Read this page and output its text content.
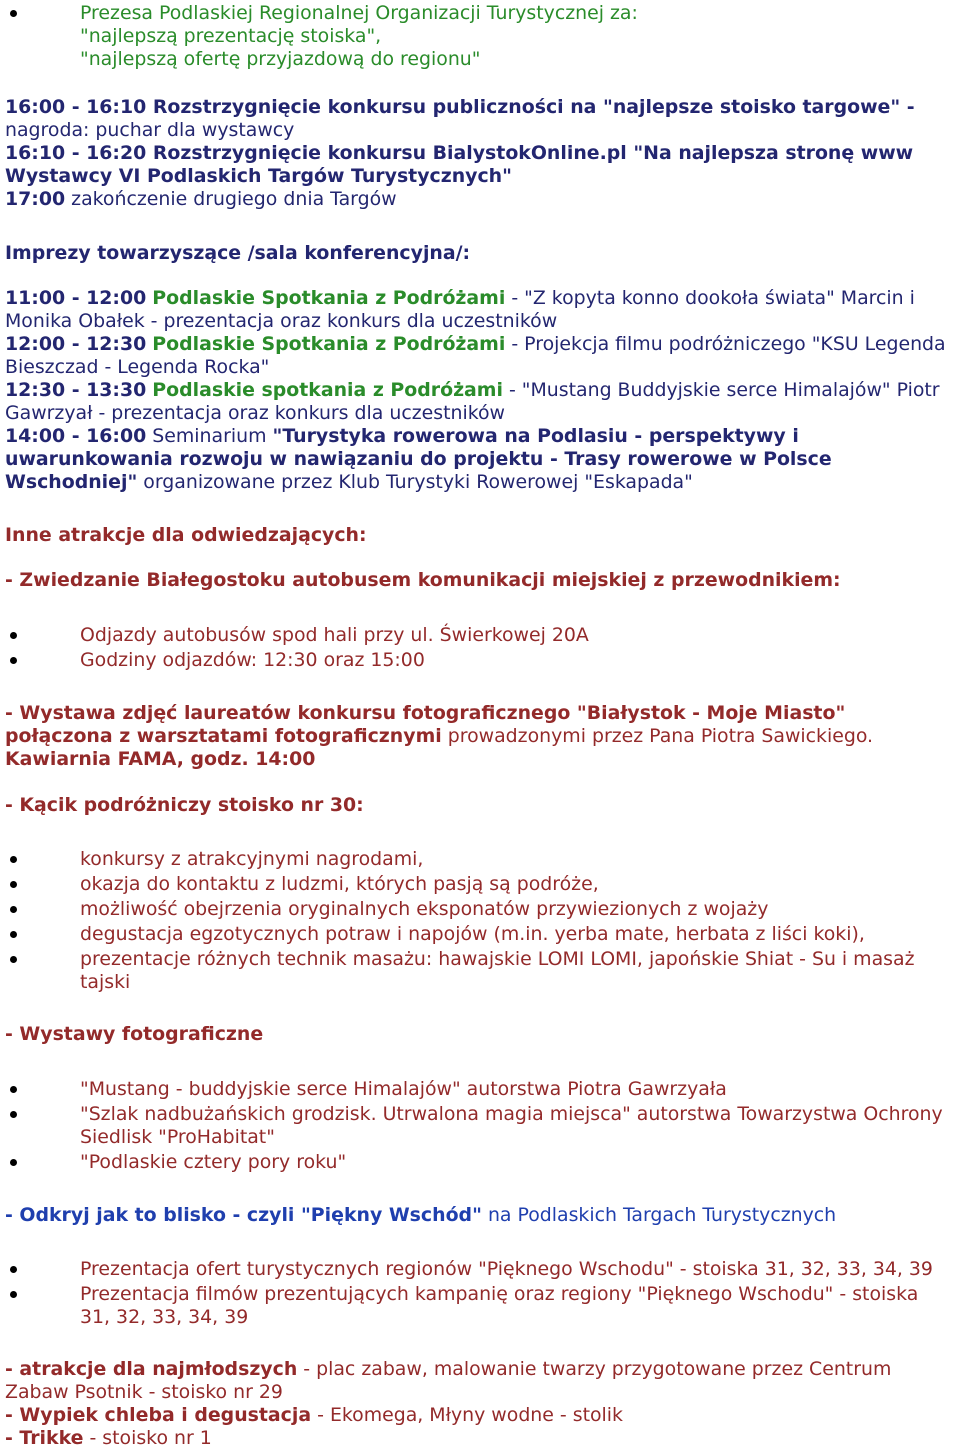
Prezesa Podlaskiej Regionalnej Organizacji Turystycznej za:
"najlepszą prezentację stoiska",
"najlepszą ofertę przyjazdową do regionu"
16:00 - 16:10 Rozstrzygnięcie konkursu publiczności na "najlepsze stoisko targowe" -
nagroda: puchar dla wystawcy
16:10 - 16:20 Rozstrzygnięcie konkursu BialystokOnline.pl "Na najlepsza stronę www
Wystawcy VI Podlaskich Targów Turystycznych"
17:00 zakończenie drugiego dnia Targów
Imprezy towarzyszące /sala konferencyjna/:
11:00 - 12:00 Podlaskie Spotkania z Podróżami - "Z kopyta konno dookoła świata" Marcin i
Monika Obałek - prezentacja oraz konkurs dla uczestników
12:00 - 12:30 Podlaskie Spotkania z Podróżami - Projekcja filmu podróżniczego "KSU Legenda
Bieszczad - Legenda Rocka"
12:30 - 13:30 Podlaskie spotkania z Podróżami - "Mustang Buddyjskie serce Himalajów" Piotr
Gawrzyał - prezentacja oraz konkurs dla uczestników
14:00 - 16:00 Seminarium "Turystyka rowerowa na Podlasiu - perspektywy i
uwarunkowania rozwoju w nawiązaniu do projektu - Trasy rowerowe w Polsce
Wschodniej" organizowane przez Klub Turystyki Rowerowej "Eskapada"
Inne atrakcje dla odwiedzających:
- Zwiedzanie Białegostoku autobusem komunikacji miejskiej z przewodnikiem:
Odjazdy autobusów spod hali przy ul. Świerkowej 20A
Godziny odjazdów: 12:30 oraz 15:00
- Wystawa zdjęć laureatów konkursu fotograficznego "Białystok - Moje Miasto"
połączona z warsztatami fotograficznymi prowadzonymi przez Pana Piotra Sawickiego.
Kawiarnia FAMA, godz. 14:00
- Kącik podróżniczy stoisko nr 30:
konkursy z atrakcyjnymi nagrodami,
okazja do kontaktu z ludzmi, których pasją są podróże,
możliwość obejrzenia oryginalnych eksponatów przywiezionych z wojaży
degustacja egzotycznych potraw i napojów (m.in. yerba mate, herbata z liści koki),
prezentacje różnych technik masażu: hawajskie LOMI LOMI, japońskie Shiat - Su i masaż
tajski
- Wystawy fotograficzne
"Mustang - buddyjskie serce Himalajów" autorstwa Piotra Gawrzyała
"Szlak nadbużańskich grodzisk. Utrwalona magia miejsca" autorstwa Towarzystwa Ochrony
Siedlisk "ProHabitat"
"Podlaskie cztery pory roku"
- Odkryj jak to blisko - czyli "Piękny Wschód" na Podlaskich Targach Turystycznych
Prezentacja ofert turystycznych regionów "Pięknego Wschodu" - stoiska 31, 32, 33, 34, 39
Prezentacja filmów prezentujących kampanię oraz regiony "Pięknego Wschodu" - stoiska
31, 32, 33, 34, 39
- atrakcje dla najmłodszych - plac zabaw, malowanie twarzy przygotowane przez Centrum
Zabaw Psotnik - stoisko nr 29
- Wypiek chleba i degustacja - Ekomega, Młyny wodne - stolik
- Trikke - stoisko nr 1
